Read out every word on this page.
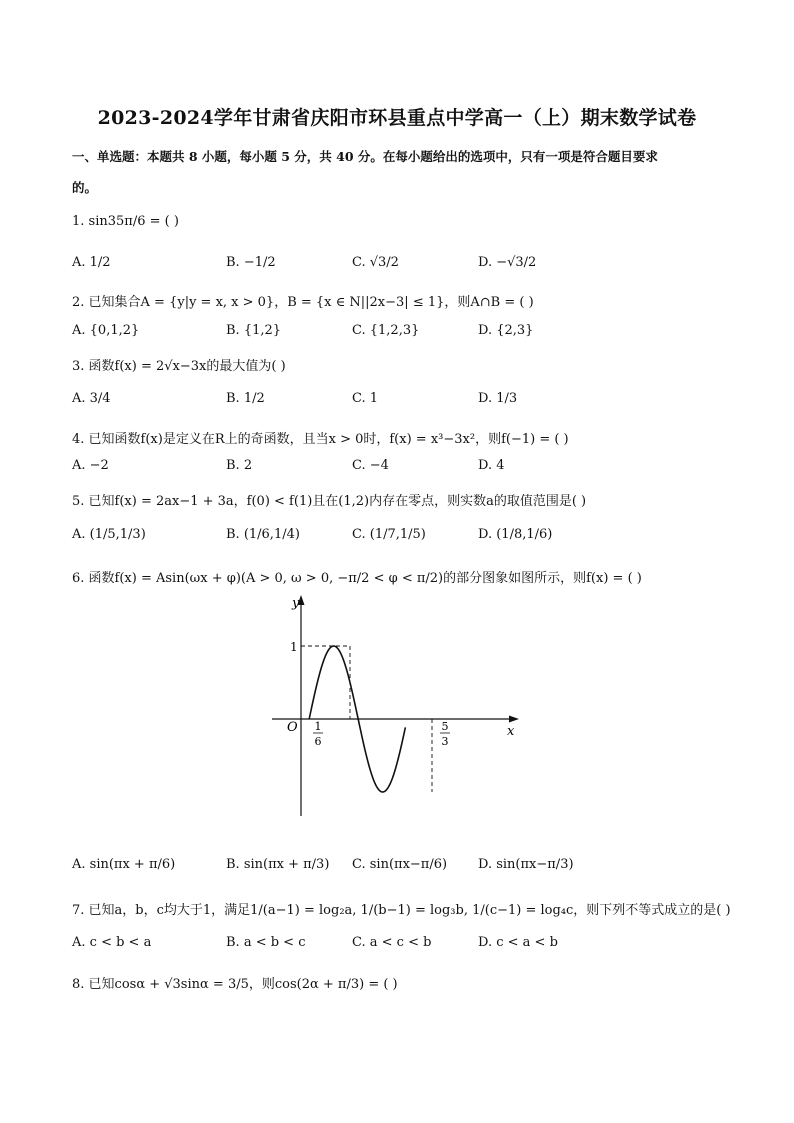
2023-2024学年甘肃省庆阳市环县重点中学高一（上）期末数学试卷
一、单选题：本题共 8 小题，每小题 5 分，共 40 分。在每小题给出的选项中，只有一项是符合题目要求
的。
1. sin35π/6 = ( )
A. 1/2	B. −1/2	C. √3/2	D. −√3/2
2. 已知集合A = {y|y = x, x > 0}，B = {x ∈ N||2x−3| ≤ 1}，则A∩B = ( )
A. {0,1,2}	B. {1,2}	C. {1,2,3}	D. {2,3}
3. 函数f(x) = 2√x−3x的最大值为( )
A. 3/4	B. 1/2	C. 1	D. 1/3
4. 已知函数f(x)是定义在R上的奇函数，且当x > 0时，f(x) = x³−3x²，则f(−1) = ( )
A. −2	B. 2	C. −4	D. 4
5. 已知f(x) = 2ax−1 + 3a，f(0) < f(1)且在(1,2)内存在零点，则实数a的取值范围是( )
A. (1/5,1/3)	B. (1/6,1/4)	C. (1/7,1/5)	D. (1/8,1/6)
6. 函数f(x) = Asin(ωx + φ)(A > 0, ω > 0, −π/2 < φ < π/2)的部分图象如图所示，则f(x) = ( )
y
x
O
1
1
6
5
3
A. sin(πx + π/6)	B. sin(πx + π/3) C. sin(πx−π/6) D. sin(πx−π/3)
7. 已知a，b，c均大于1，满足1/(a−1) = log₂a, 1/(b−1) = log₃b, 1/(c−1) = log₄c，则下列不等式成立的是( )
A. c < b < a	B. a < b < c	C. a < c < b	D. c < a < b
8. 已知cosα + √3sinα = 3/5，则cos(2α + π/3) = ( )
